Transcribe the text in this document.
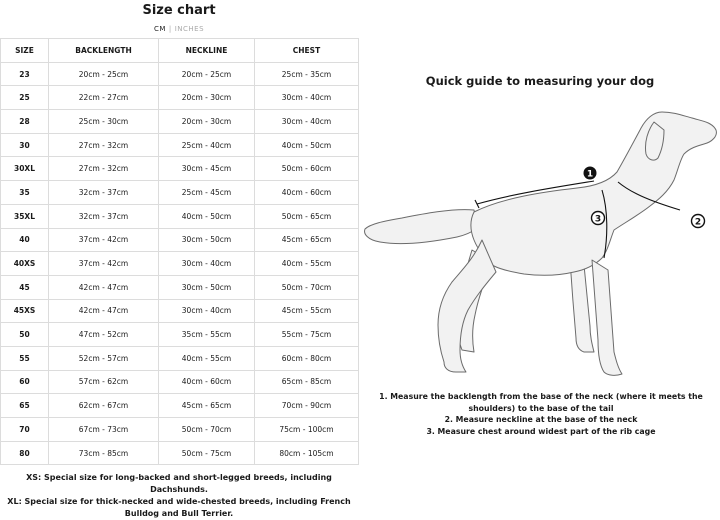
Size chart
CM | INCHES
SIZE	BACKLENGTH	NECKLINE	CHEST
23	20cm - 25cm	20cm - 25cm	25cm - 35cm
25	22cm - 27cm	20cm - 30cm	30cm - 40cm
28	25cm - 30cm	20cm - 30cm	30cm - 40cm
30	27cm - 32cm	25cm - 40cm	40cm - 50cm
30XL	27cm - 32cm	30cm - 45cm	50cm - 60cm
35	32cm - 37cm	25cm - 45cm	40cm - 60cm
35XL	32cm - 37cm	40cm - 50cm	50cm - 65cm
40	37cm - 42cm	30cm - 50cm	45cm - 65cm
40XS	37cm - 42cm	30cm - 40cm	40cm - 55cm
45	42cm - 47cm	30cm - 50cm	50cm - 70cm
45XS	42cm - 47cm	30cm - 40cm	45cm - 55cm
50	47cm - 52cm	35cm - 55cm	55cm - 75cm
55	52cm - 57cm	40cm - 55cm	60cm - 80cm
60	57cm - 62cm	40cm - 60cm	65cm - 85cm
65	62cm - 67cm	45cm - 65cm	70cm - 90cm
70	67cm - 73cm	50cm - 70cm	75cm - 100cm
80	73cm - 85cm	50cm - 75cm	80cm - 105cm
XS: Special size for long-backed and short-legged breeds, including Dachshunds.
XL: Special size for thick-necked and wide-chested breeds, including French Bulldog and Bull Terrier.
Quick guide to measuring your dog
1
2
3
1. Measure the backlength from the base of the neck (where it meets the shoulders) to the base of the tail
2. Measure neckline at the base of the neck
3. Measure chest around widest part of the rib cage
